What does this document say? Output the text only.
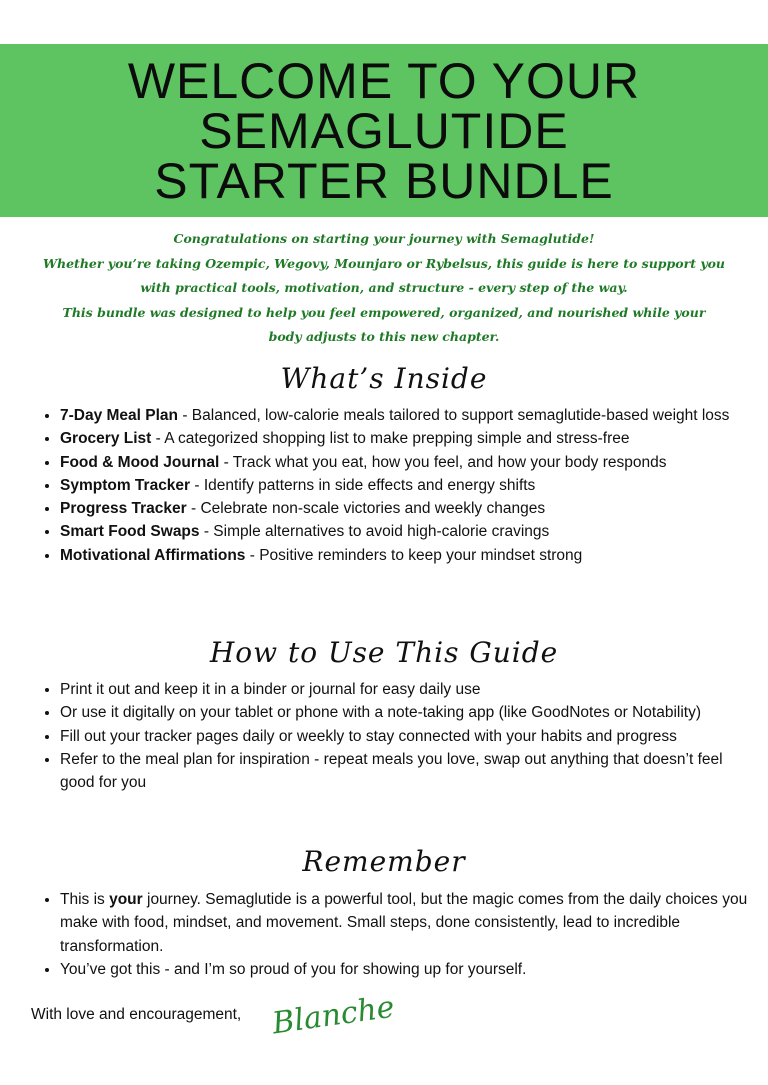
WELCOME TO YOUR
SEMAGLUTIDE
STARTER BUNDLE

Congratulations on starting your journey with Semaglutide!

Whether you’re taking Ozempic, Wegovy, Mounjaro or Rybelsus, this guide is here to support you

with practical tools, motivation, and structure - every step of the way.

This bundle was designed to help you feel empowered, organized, and nourished while your

body adjusts to this new chapter.

What’s Inside
• 7-Day Meal Plan - Balanced, low-calorie meals tailored to support semaglutide-based weight loss
• Grocery List - A categorized shopping list to make prepping simple and stress-free
• Food & Mood Journal - Track what you eat, how you feel, and how your body responds
• Symptom Tracker - Identify patterns in side effects and energy shifts
• Progress Tracker - Celebrate non-scale victories and weekly changes
• Smart Food Swaps - Simple alternatives to avoid high-calorie cravings
• Motivational Affirmations - Positive reminders to keep your mindset strong
How to Use This Guide
• Print it out and keep it in a binder or journal for easy daily use
• Or use it digitally on your tablet or phone with a note-taking app (like GoodNotes or Notability)
• Fill out your tracker pages daily or weekly to stay connected with your habits and progress
• Refer to the meal plan for inspiration - repeat meals you love, swap out anything that doesn’t feel good for you
Remember
• This is your journey. Semaglutide is a powerful tool, but the magic comes from the daily choices you make with food, mindset, and movement. Small steps, done consistently, lead to incredible transformation.
• You’ve got this - and I’m so proud of you for showing up for yourself.
With love and encouragement, Blanche
